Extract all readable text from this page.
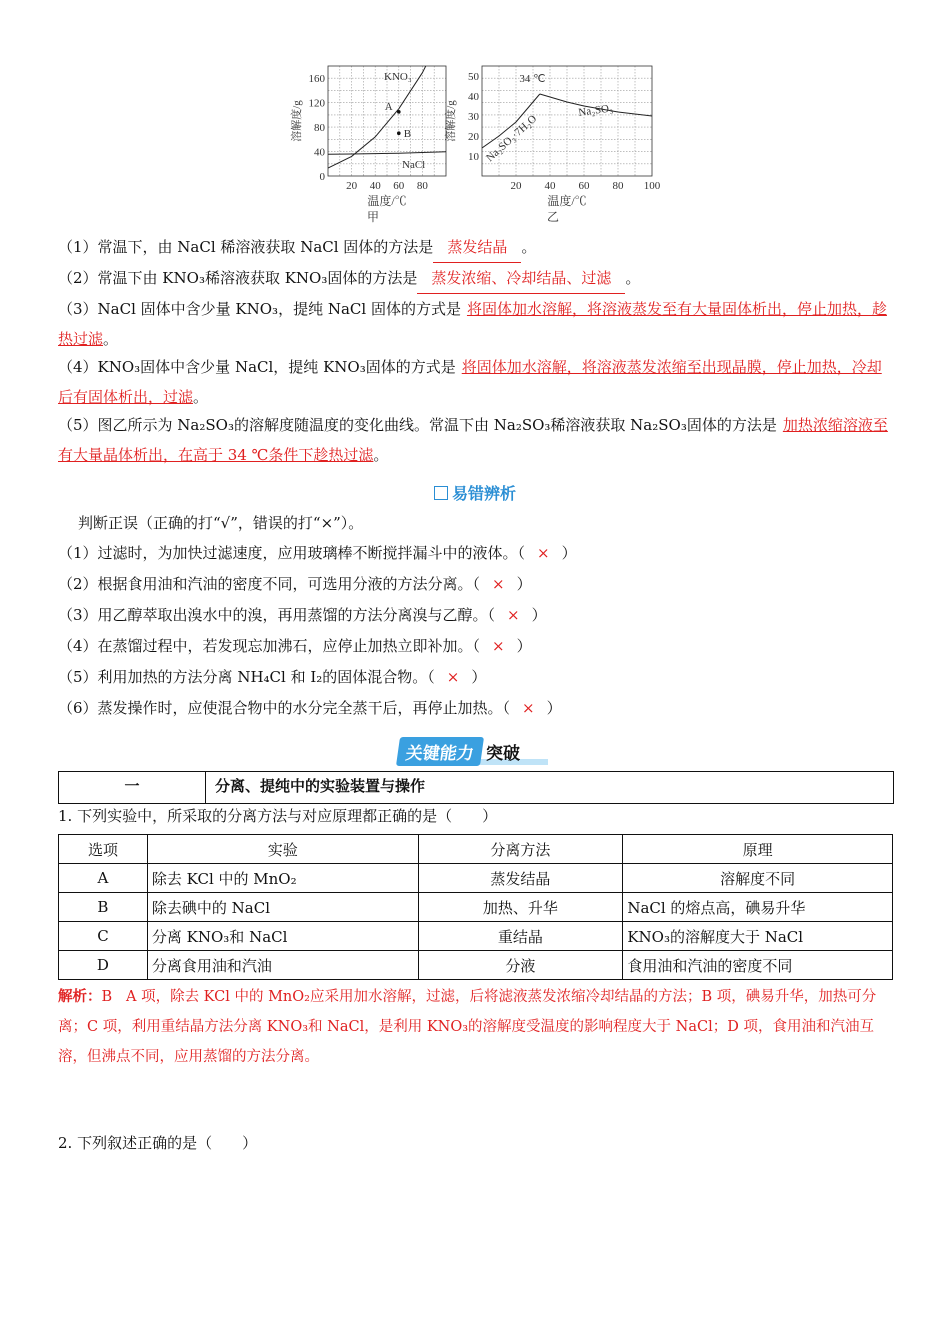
20 40 60 80
0
40
80
120
160
温度/℃
甲
溶解度/g
KNO₃
NaCl
A
B
20 40 60 80 100
10
20
30
40
50
温度/℃
乙
溶解度/g
34 ℃
Na₂SO₃·7H₂O
Na₂SO₃
（1）常温下，由 NaCl 稀溶液获取 NaCl 固体的方法是 蒸发结晶 。
（2）常温下由 KNO₃稀溶液获取 KNO₃固体的方法是 蒸发浓缩、冷却结晶、过滤 。
（3）NaCl 固体中含少量 KNO₃，提纯 NaCl 固体的方式是 将固体加水溶解，将溶液蒸发至有大量固体析出，停止加热，趁热过滤。
（4）KNO₃固体中含少量 NaCl，提纯 KNO₃固体的方式是 将固体加水溶解，将溶液蒸发浓缩至出现晶膜，停止加热，冷却后有固体析出，过滤。
（5）图乙所示为 Na₂SO₃的溶解度随温度的变化曲线。常温下由 Na₂SO₃稀溶液获取 Na₂SO₃固体的方法是 加热浓缩溶液至有大量晶体析出，在高于 34 ℃条件下趁热过滤。
易错辨析
判断正误（正确的打“√”，错误的打“×”）。
（1）过滤时，为加快过滤速度，应用玻璃棒不断搅拌漏斗中的液体。（ × ）
（2）根据食用油和汽油的密度不同，可选用分液的方法分离。（ × ）
（3）用乙醇萃取出溴水中的溴，再用蒸馏的方法分离溴与乙醇。（ × ）
（4）在蒸馏过程中，若发现忘加沸石，应停止加热立即补加。（ × ）
（5）利用加热的方法分离 NH₄Cl 和 I₂的固体混合物。（ × ）
（6）蒸发操作时，应使混合物中的水分完全蒸干后，再停止加热。（ × ）
关键能力 突破
一	分离、提纯中的实验装置与操作
1. 下列实验中，所采取的分离方法与对应原理都正确的是（　　）
选项	实验	分离方法	原理
A	除去 KCl 中的 MnO₂	蒸发结晶	溶解度不同
B	除去碘中的 NaCl	加热、升华	NaCl 的熔点高，碘易升华
C	分离 KNO₃和 NaCl	重结晶	KNO₃的溶解度大于 NaCl
D	分离食用油和汽油	分液	食用油和汽油的密度不同
解析：B A 项，除去 KCl 中的 MnO₂应采用加水溶解，过滤，后将滤液蒸发浓缩冷却结晶的方法；B 项，碘易升华，加热可分离；C 项，利用重结晶方法分离 KNO₃和 NaCl，是利用 KNO₃的溶解度受温度的影响程度大于 NaCl；D 项，食用油和汽油互溶，但沸点不同，应用蒸馏的方法分离。
2. 下列叙述正确的是（　　）
